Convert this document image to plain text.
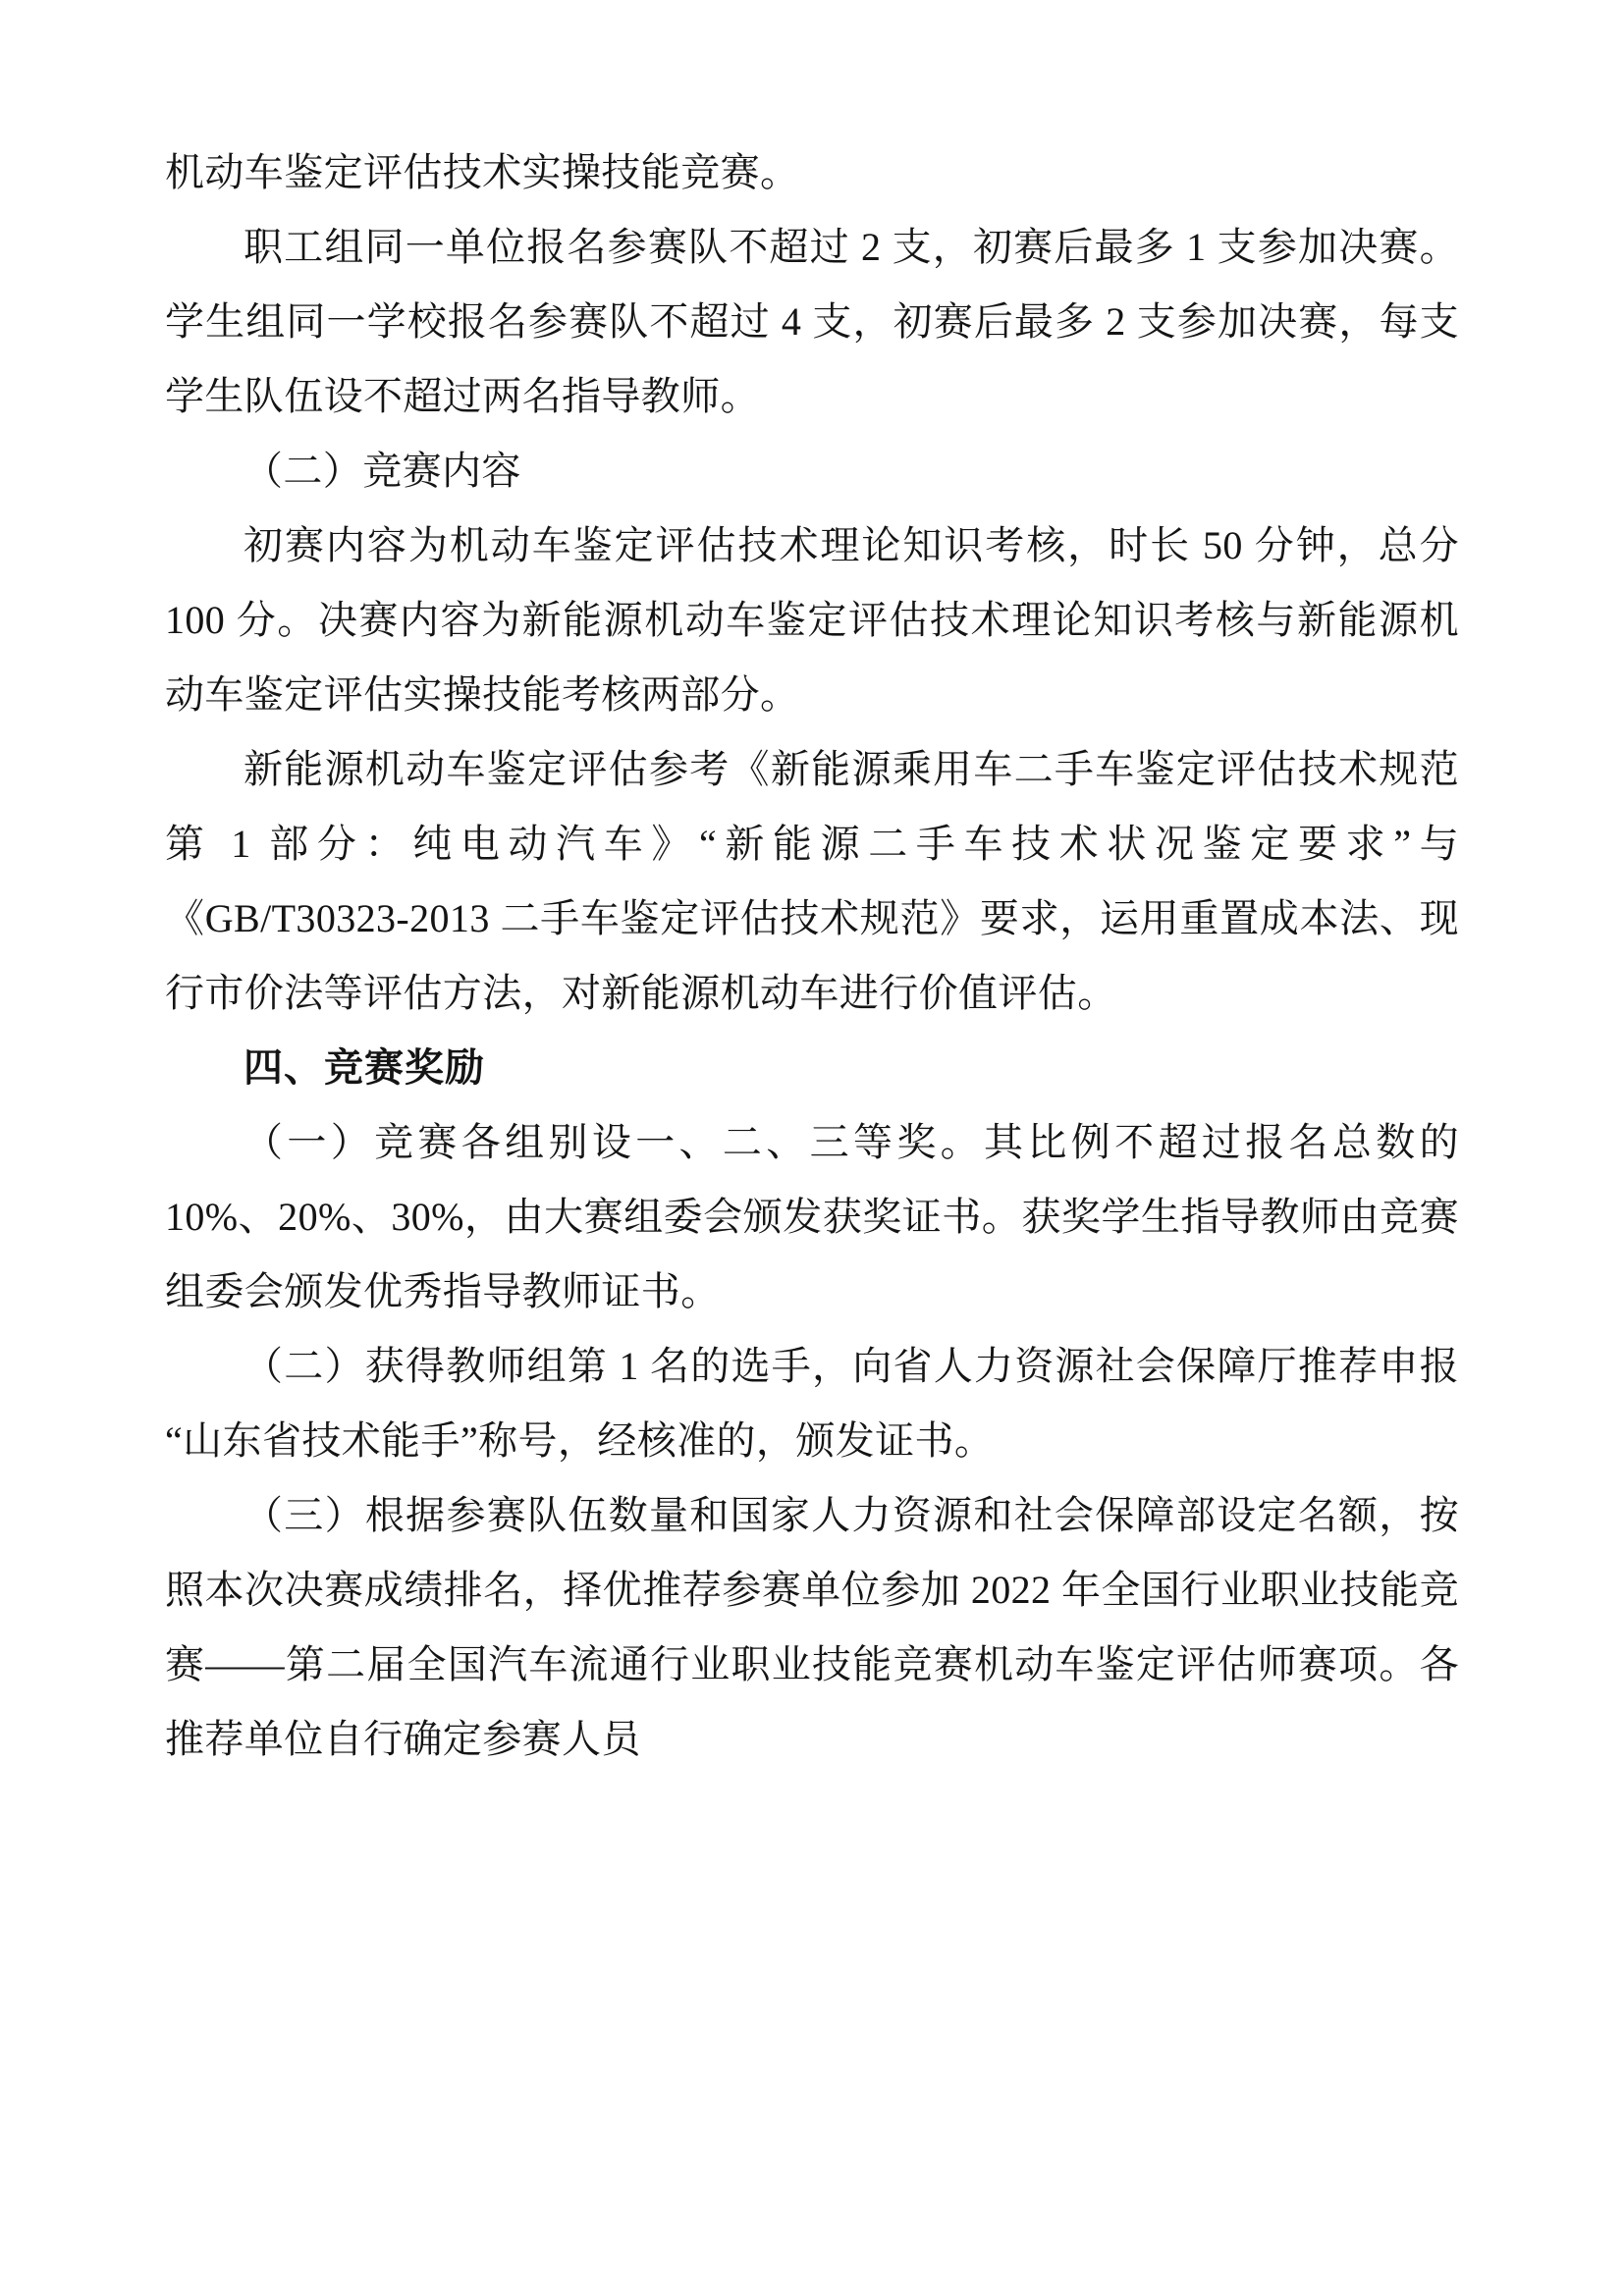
机动车鉴定评估技术实操技能竞赛。

职工组同一单位报名参赛队不超过 2 支，初赛后最多 1 支参加决赛。学生组同一学校报名参赛队不超过 4 支，初赛后最多 2 支参加决赛，每支学生队伍设不超过两名指导教师。

（二）竞赛内容

初赛内容为机动车鉴定评估技术理论知识考核，时长 50 分钟，总分 100 分。决赛内容为新能源机动车鉴定评估技术理论知识考核与新能源机动车鉴定评估实操技能考核两部分。

新能源机动车鉴定评估参考《新能源乘用车二手车鉴定评估技术规范 第 1 部分：纯电动汽车》“新能源二手车技术状况鉴定要求”与《GB/T30323-2013 二手车鉴定评估技术规范》要求，运用重置成本法、现行市价法等评估方法，对新能源机动车进行价值评估。

四、竞赛奖励

（一）竞赛各组别设一、二、三等奖。其比例不超过报名总数的 10%、20%、30%，由大赛组委会颁发获奖证书。获奖学生指导教师由竞赛组委会颁发优秀指导教师证书。

（二）获得教师组第 1 名的选手，向省人力资源社会保障厅推荐申报“山东省技术能手”称号，经核准的，颁发证书。

（三）根据参赛队伍数量和国家人力资源和社会保障部设定名额，按照本次决赛成绩排名，择优推荐参赛单位参加 2022 年全国行业职业技能竞赛——第二届全国汽车流通行业职业技能竞赛机动车鉴定评估师赛项。各推荐单位自行确定参赛人员
